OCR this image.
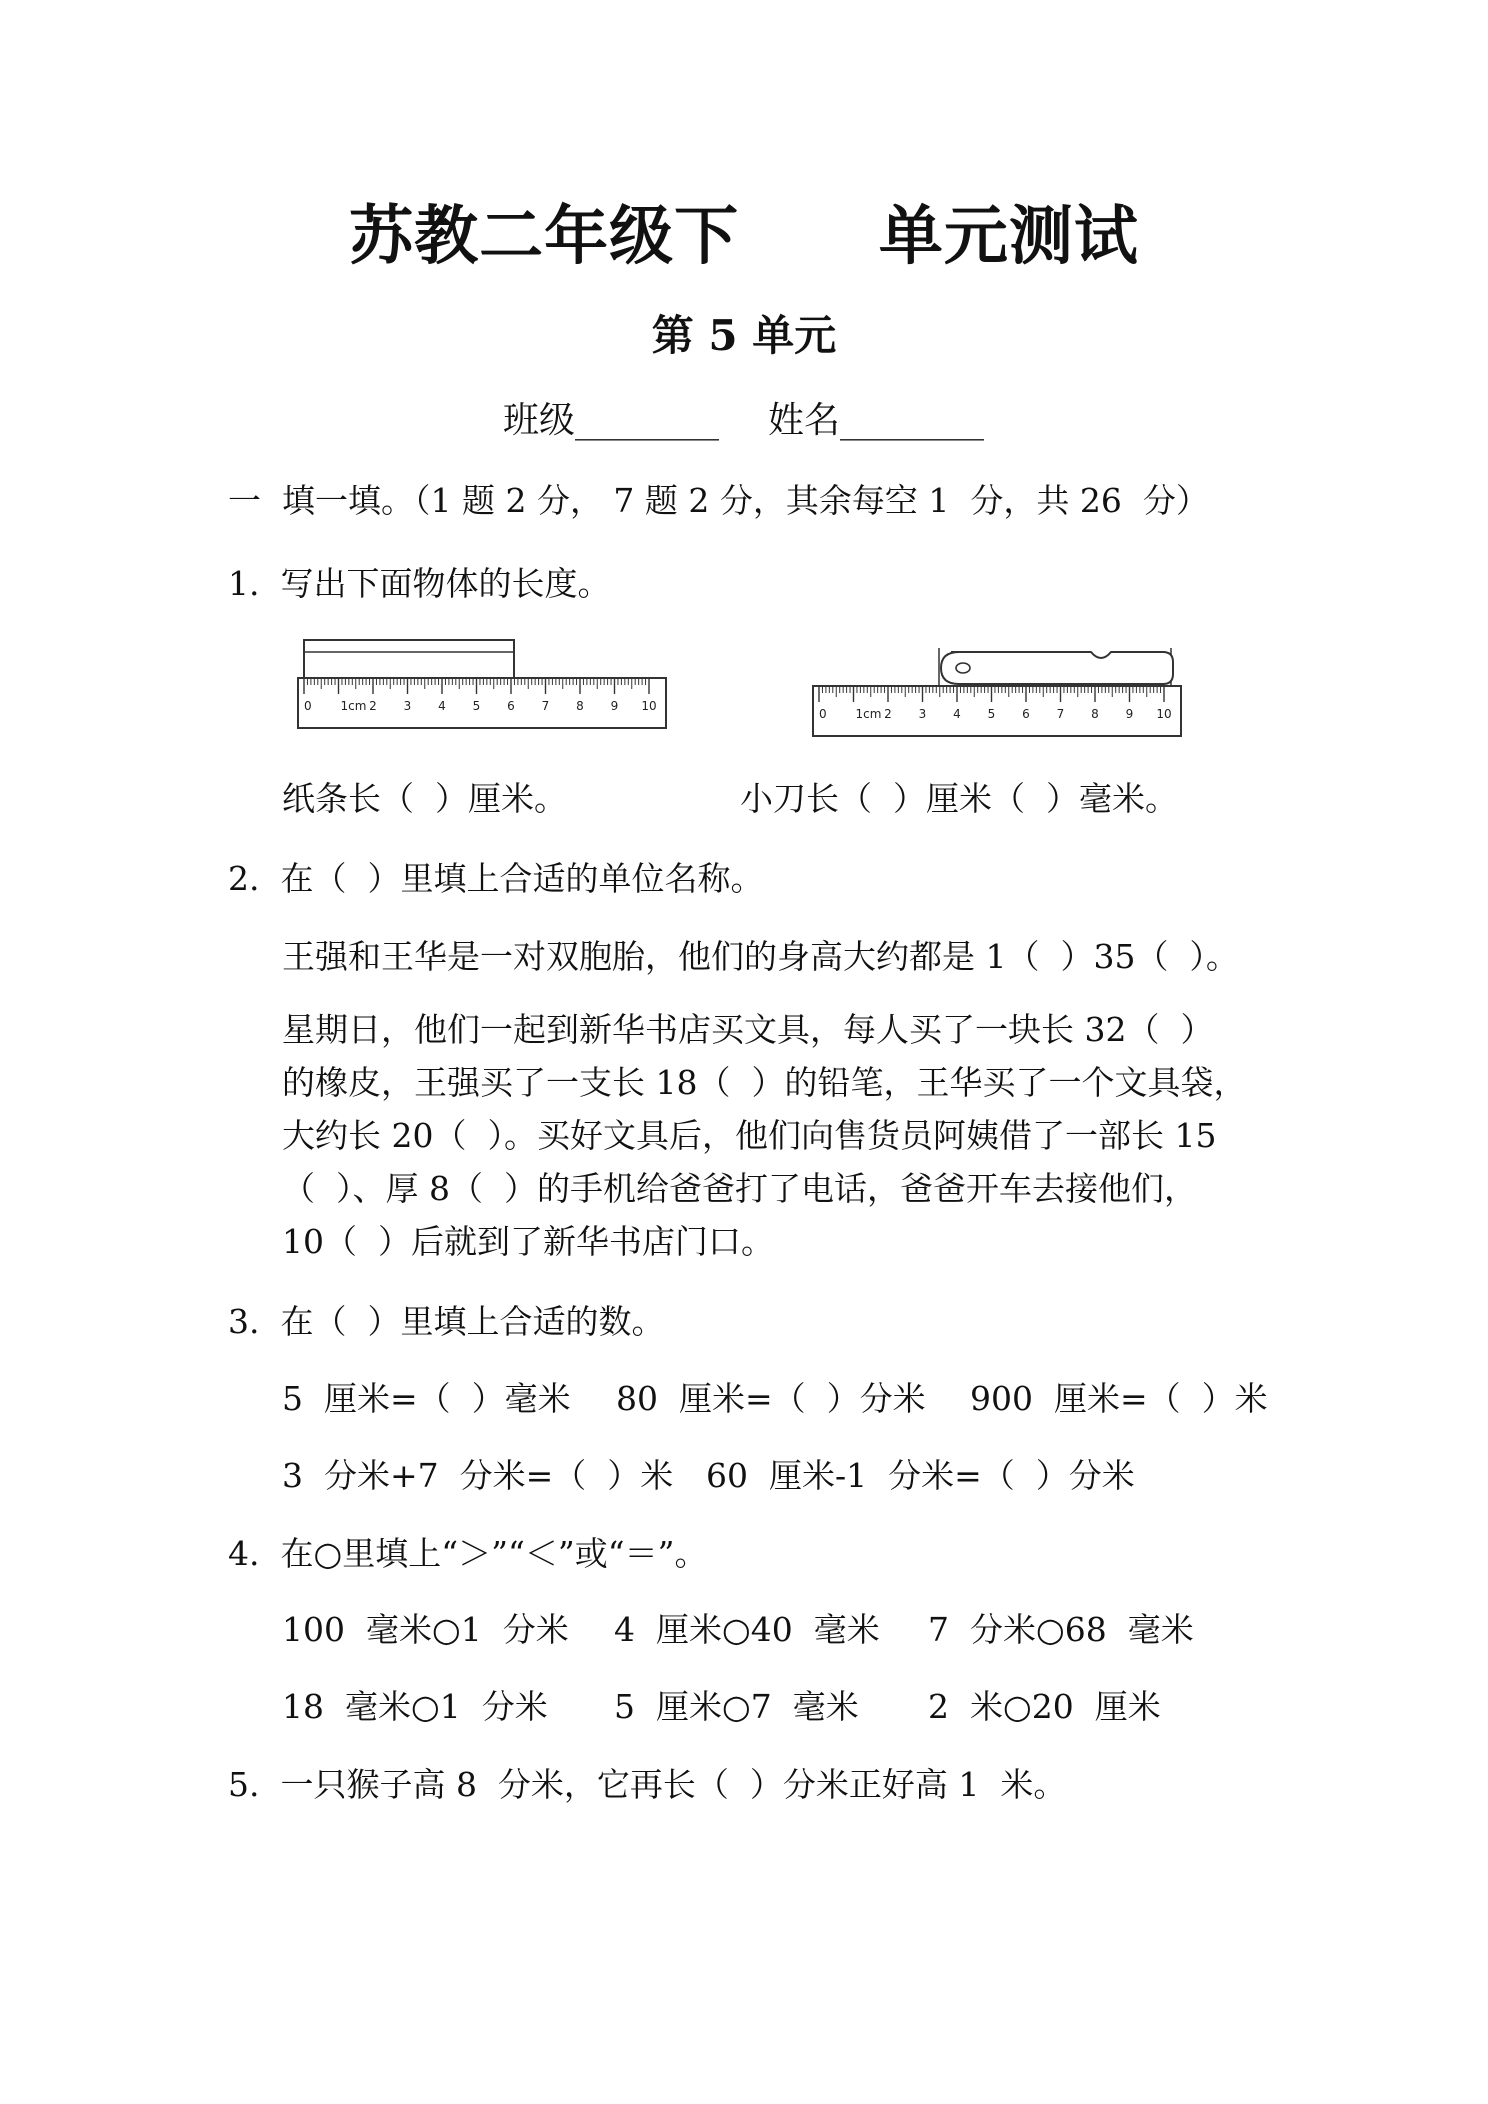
苏教二年级下      单元测试
第 5 单元
班级________ 姓名________
一  填一填。（1 题 2 分， 7 题 2 分，其余每空 1  分，共 26  分）
1.  写出下面物体的长度。
0 1cm 2 3 4 5 6 7 8 9 10
0 1cm 2 3 4 5 6 7 8 9 10
纸条长（  ）厘米。	小刀长（  ）厘米（  ）毫米。
2.  在（  ）里填上合适的单位名称。
王强和王华是一对双胞胎，他们的身高大约都是 1（  ）35（  ）。
星期日，他们一起到新华书店买文具，每人买了一块长 32（  ）
的橡皮，王强买了一支长 18（  ）的铅笔，王华买了一个文具袋，
大约长 20（  ）。买好文具后，他们向售货员阿姨借了一部长 15
（  ）、厚 8（  ）的手机给爸爸打了电话，爸爸开车去接他们，
10（  ）后就到了新华书店门口。
3.  在（  ）里填上合适的数。
5  厘米=（  ）毫米 80  厘米=（  ）分米 900  厘米=（  ）米
3  分米+7  分米=（  ）米 60  厘米-1  分米=（  ）分米
4.  在○里填上“＞”“＜”或“＝”。
100  毫米○1  分米 4  厘米○40  毫米 7  分米○68  毫米
18  毫米○1  分米 5  厘米○7  毫米 2  米○20  厘米
5.  一只猴子高 8  分米，它再长（  ）分米正好高 1  米。
